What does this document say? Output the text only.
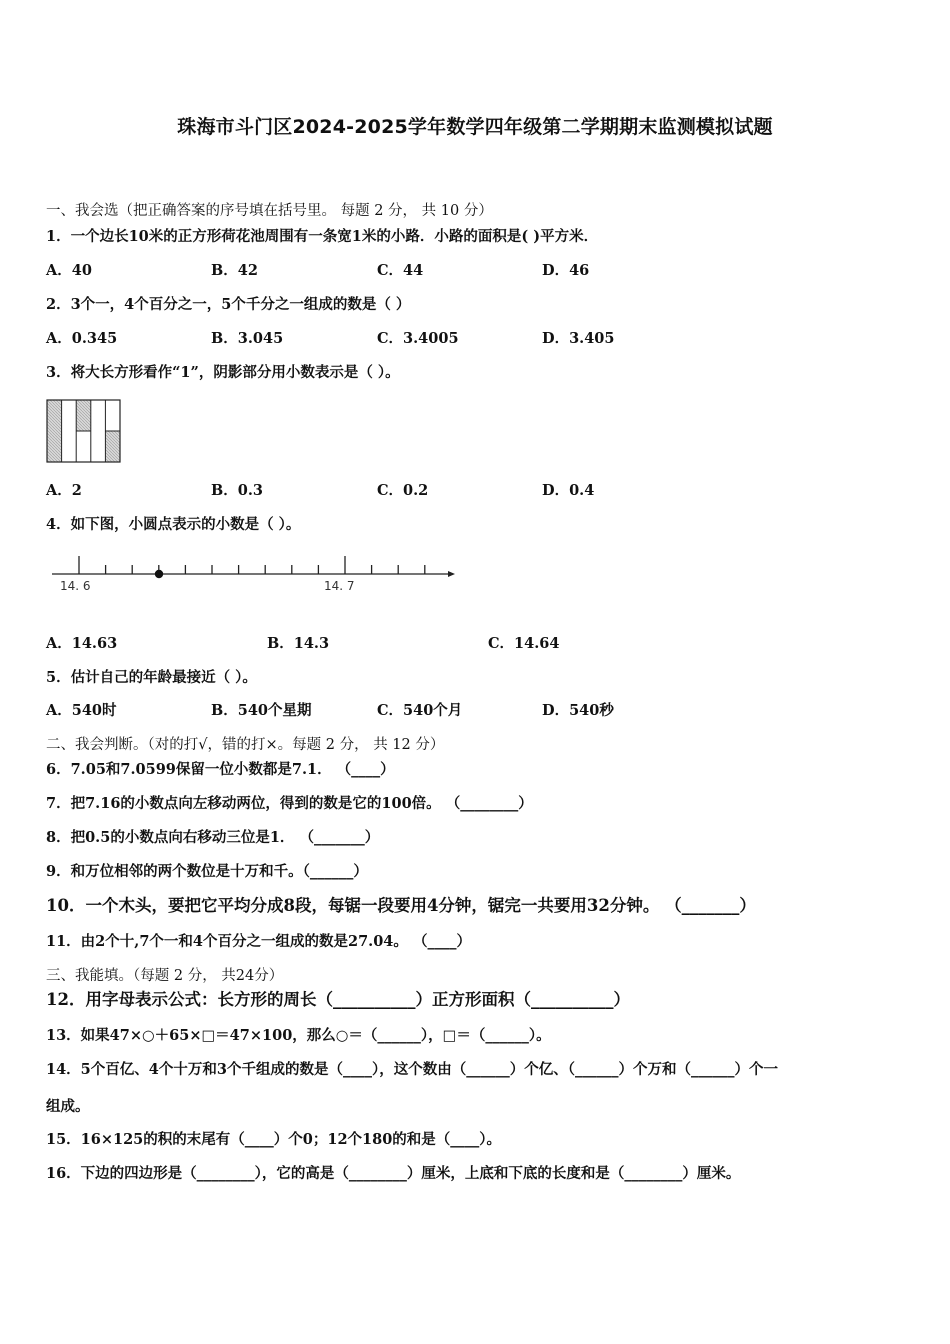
珠海市斗门区2024-2025学年数学四年级第二学期期末监测模拟试题
一、我会选（把正确答案的序号填在括号里。 每题 2 分， 共 10 分）
1．一个边长10米的正方形荷花池周围有一条宽1米的小路．小路的面积是( )平方米．
A．40	B．42	C．44	D．46
2．3个一，4个百分之一，5个千分之一组成的数是（ ）
A．0.345	B．3.045	C．3.4005	D．3.405
3．将大长方形看作“1”，阴影部分用小数表示是（ ）。
A．2	B．0.3	C．0.2	D．0.4
4．如下图，小圆点表示的小数是（ ）。
14. 6	14. 7
A．14.63	B．14.3	C．14.64
5．估计自己的年龄最接近（ ）。
A．540时	B．540个星期	C．540个月	D．540秒
二、我会判断。（对的打√，错的打×。每题 2 分， 共 12 分）
6．7.05和7.0599保留一位小数都是7.1． （____）
7．把7.16的小数点向左移动两位，得到的数是它的100倍。 （________）
8．把0.5的小数点向右移动三位是1． （_______）
9．和万位相邻的两个数位是十万和千。（______）
10．一个木头，要把它平均分成8段，每锯一段要用4分钟，锯完一共要用32分钟。 （_______）
11．由2个十,7个一和4个百分之一组成的数是27.04。 （____）
三、我能填。（每题 2 分， 共24分）
12．用字母表示公式：长方形的周长（__________）正方形面积（__________）
13．如果47×○＋65×□＝47×100，那么○＝（______），□＝（______）。
14．5个百亿、4个十万和3个千组成的数是（____），这个数由（______）个亿、（______）个万和（______）个一
组成。
15．16×125的积的末尾有（____）个0；12个180的和是（____）。
16．下边的四边形是（________），它的高是（________）厘米，上底和下底的长度和是（________）厘米。
